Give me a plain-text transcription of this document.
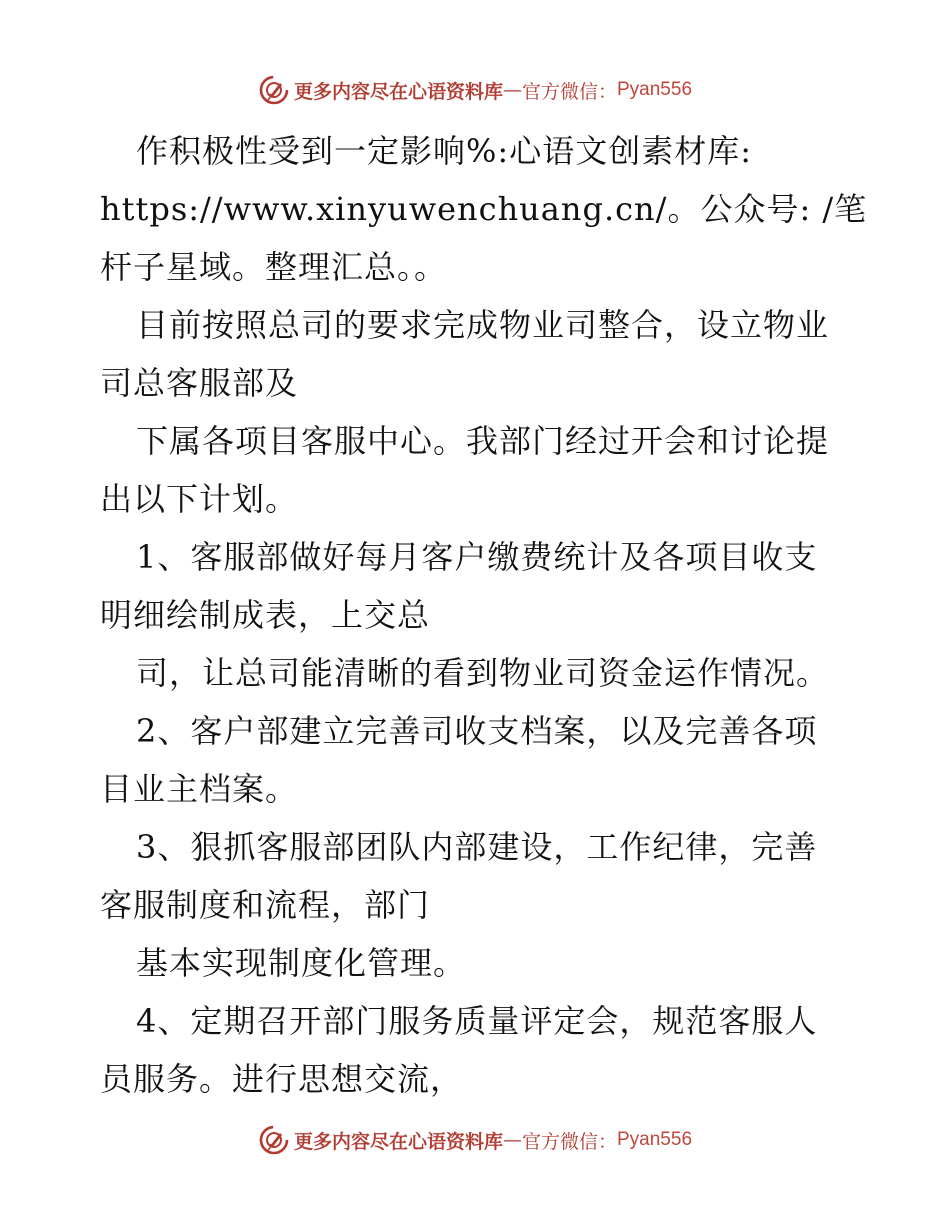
更多内容尽在心语资料库 — 官方微信： Pyan556
作积极性受到一定影响%:心语文创素材库:
https://www.xinyuwenchuang.cn/。公众号: /笔
杆子星域。整理汇总。。
目前按照总司的要求完成物业司整合，设立物业
司总客服部及
下属各项目客服中心。我部门经过开会和讨论提
出以下计划。
1、客服部做好每月客户缴费统计及各项目收支
明细绘制成表，上交总
司，让总司能清晰的看到物业司资金运作情况。
2、客户部建立完善司收支档案，以及完善各项
目业主档案。
3、狠抓客服部团队内部建设，工作纪律，完善
客服制度和流程，部门
基本实现制度化管理。
4、定期召开部门服务质量评定会，规范客服人
员服务。进行思想交流，
更多内容尽在心语资料库 — 官方微信： Pyan556
